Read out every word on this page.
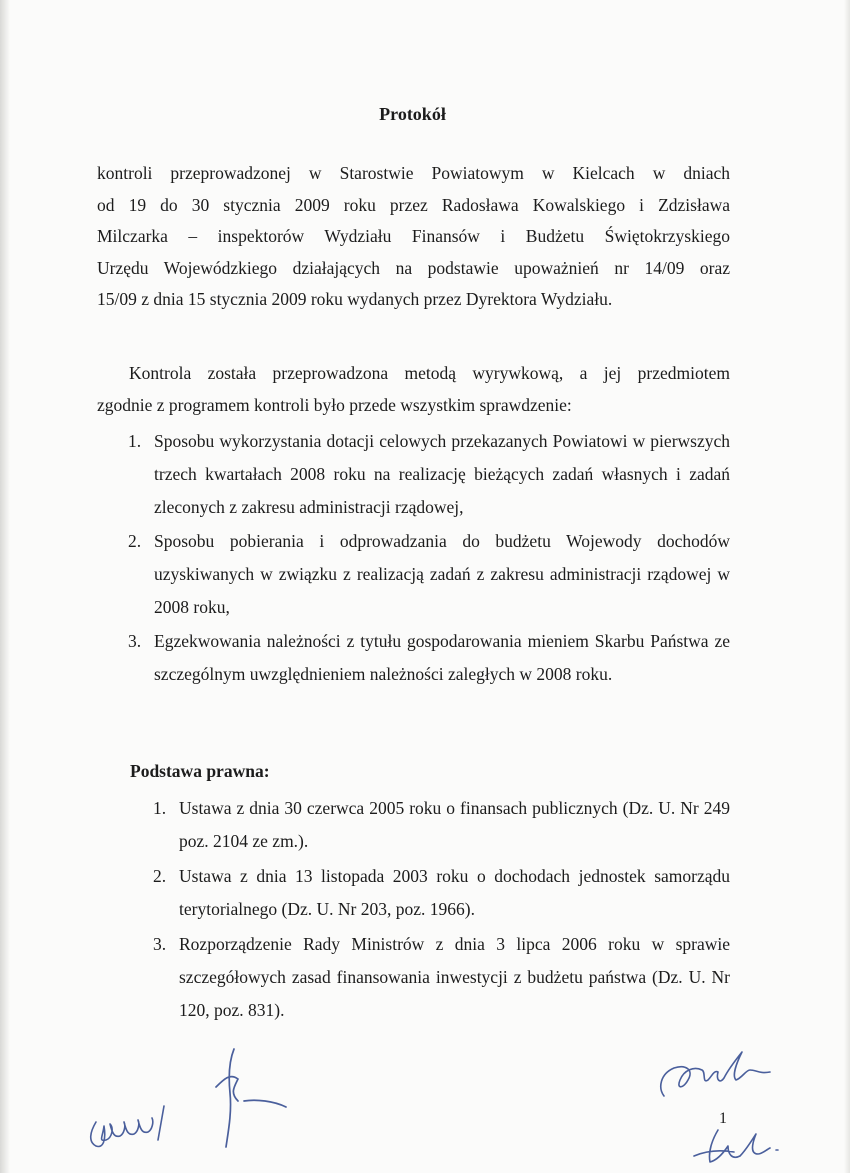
Protokół
kontroli przeprowadzonej w Starostwie Powiatowym w Kielcach w dniach
od 19 do 30 stycznia 2009 roku przez Radosława Kowalskiego i Zdzisława
Milczarka – inspektorów Wydziału Finansów i Budżetu Świętokrzyskiego
Urzędu Wojewódzkiego działających na podstawie upoważnień nr 14/09 oraz
15/09 z dnia 15 stycznia 2009 roku wydanych przez Dyrektora Wydziału.
Kontrola została przeprowadzona metodą wyrywkową, a jej przedmiotem
zgodnie z programem kontroli było przede wszystkim sprawdzenie:
1. Sposobu wykorzystania dotacji celowych przekazanych Powiatowi w pierwszych trzech kwartałach 2008 roku na realizację bieżących zadań własnych i zadań zleconych z zakresu administracji rządowej,
2. Sposobu pobierania i odprowadzania do budżetu Wojewody dochodów uzyskiwanych w związku z realizacją zadań z zakresu administracji rządowej w 2008 roku,
3. Egzekwowania należności z tytułu gospodarowania mieniem Skarbu Państwa ze szczególnym uwzględnieniem należności zaległych w 2008 roku.
Podstawa prawna:
1. Ustawa z dnia 30 czerwca 2005 roku o finansach publicznych (Dz. U. Nr 249 poz. 2104 ze zm.).
2. Ustawa z dnia 13 listopada 2003 roku o dochodach jednostek samorządu terytorialnego (Dz. U. Nr 203, poz. 1966).
3. Rozporządzenie Rady Ministrów z dnia 3 lipca 2006 roku w sprawie szczegółowych zasad finansowania inwestycji z budżetu państwa (Dz. U. Nr 120, poz. 831).
1
